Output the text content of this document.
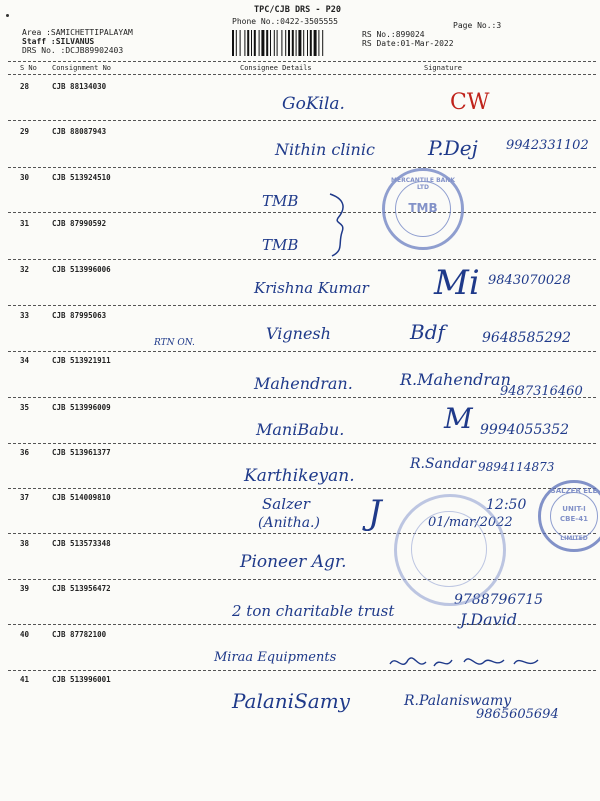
TPC/CJB DRS - P20
Phone No.:0422-3505555	Page No.:3
Area :SAMICHETTIPALAYAM
Staff :SILVANUS
DRS No. :DCJB89902403
RS No.:899024
RS Date:01-Mar-2022
S No Consignment No	Consignee Details	Signature
28	CJB 88134030
GoKila.	CW
29	CJB 88087943
Nithin clinic	P.Dej 9942331102
30	CJB 513924510
TMB
31	CJB 87990592
TMB
32	CJB 513996006
Krishna Kumar Mi 9843070028
33	CJB 87995063
RTN ON.	Vignesh	Bdf	9648585292
34	CJB 513921911
Mahendran.	R.Mahendran
9487316460
35	CJB 513996009
ManiBabu.	M 9994055352
36	CJB 513961377
Karthikeyan.
R.Sandar 9894114873
37	CJB 514009810	Salzer
(Anitha.) J	12:50
01/mar/2022
38	CJB 513573348
Pioneer Agr.
39	CJB 513956472
2 ton charitable trust
9788796715
J.David
40	CJB 87782100
Miraa Equipments
41	CJB 513996001
PalaniSamy	R.Palaniswamy
9865605694
MERCANTILE BANK LTD
TMB
SALZER ELE
UNIT-I
CBE-41
LIMITED
